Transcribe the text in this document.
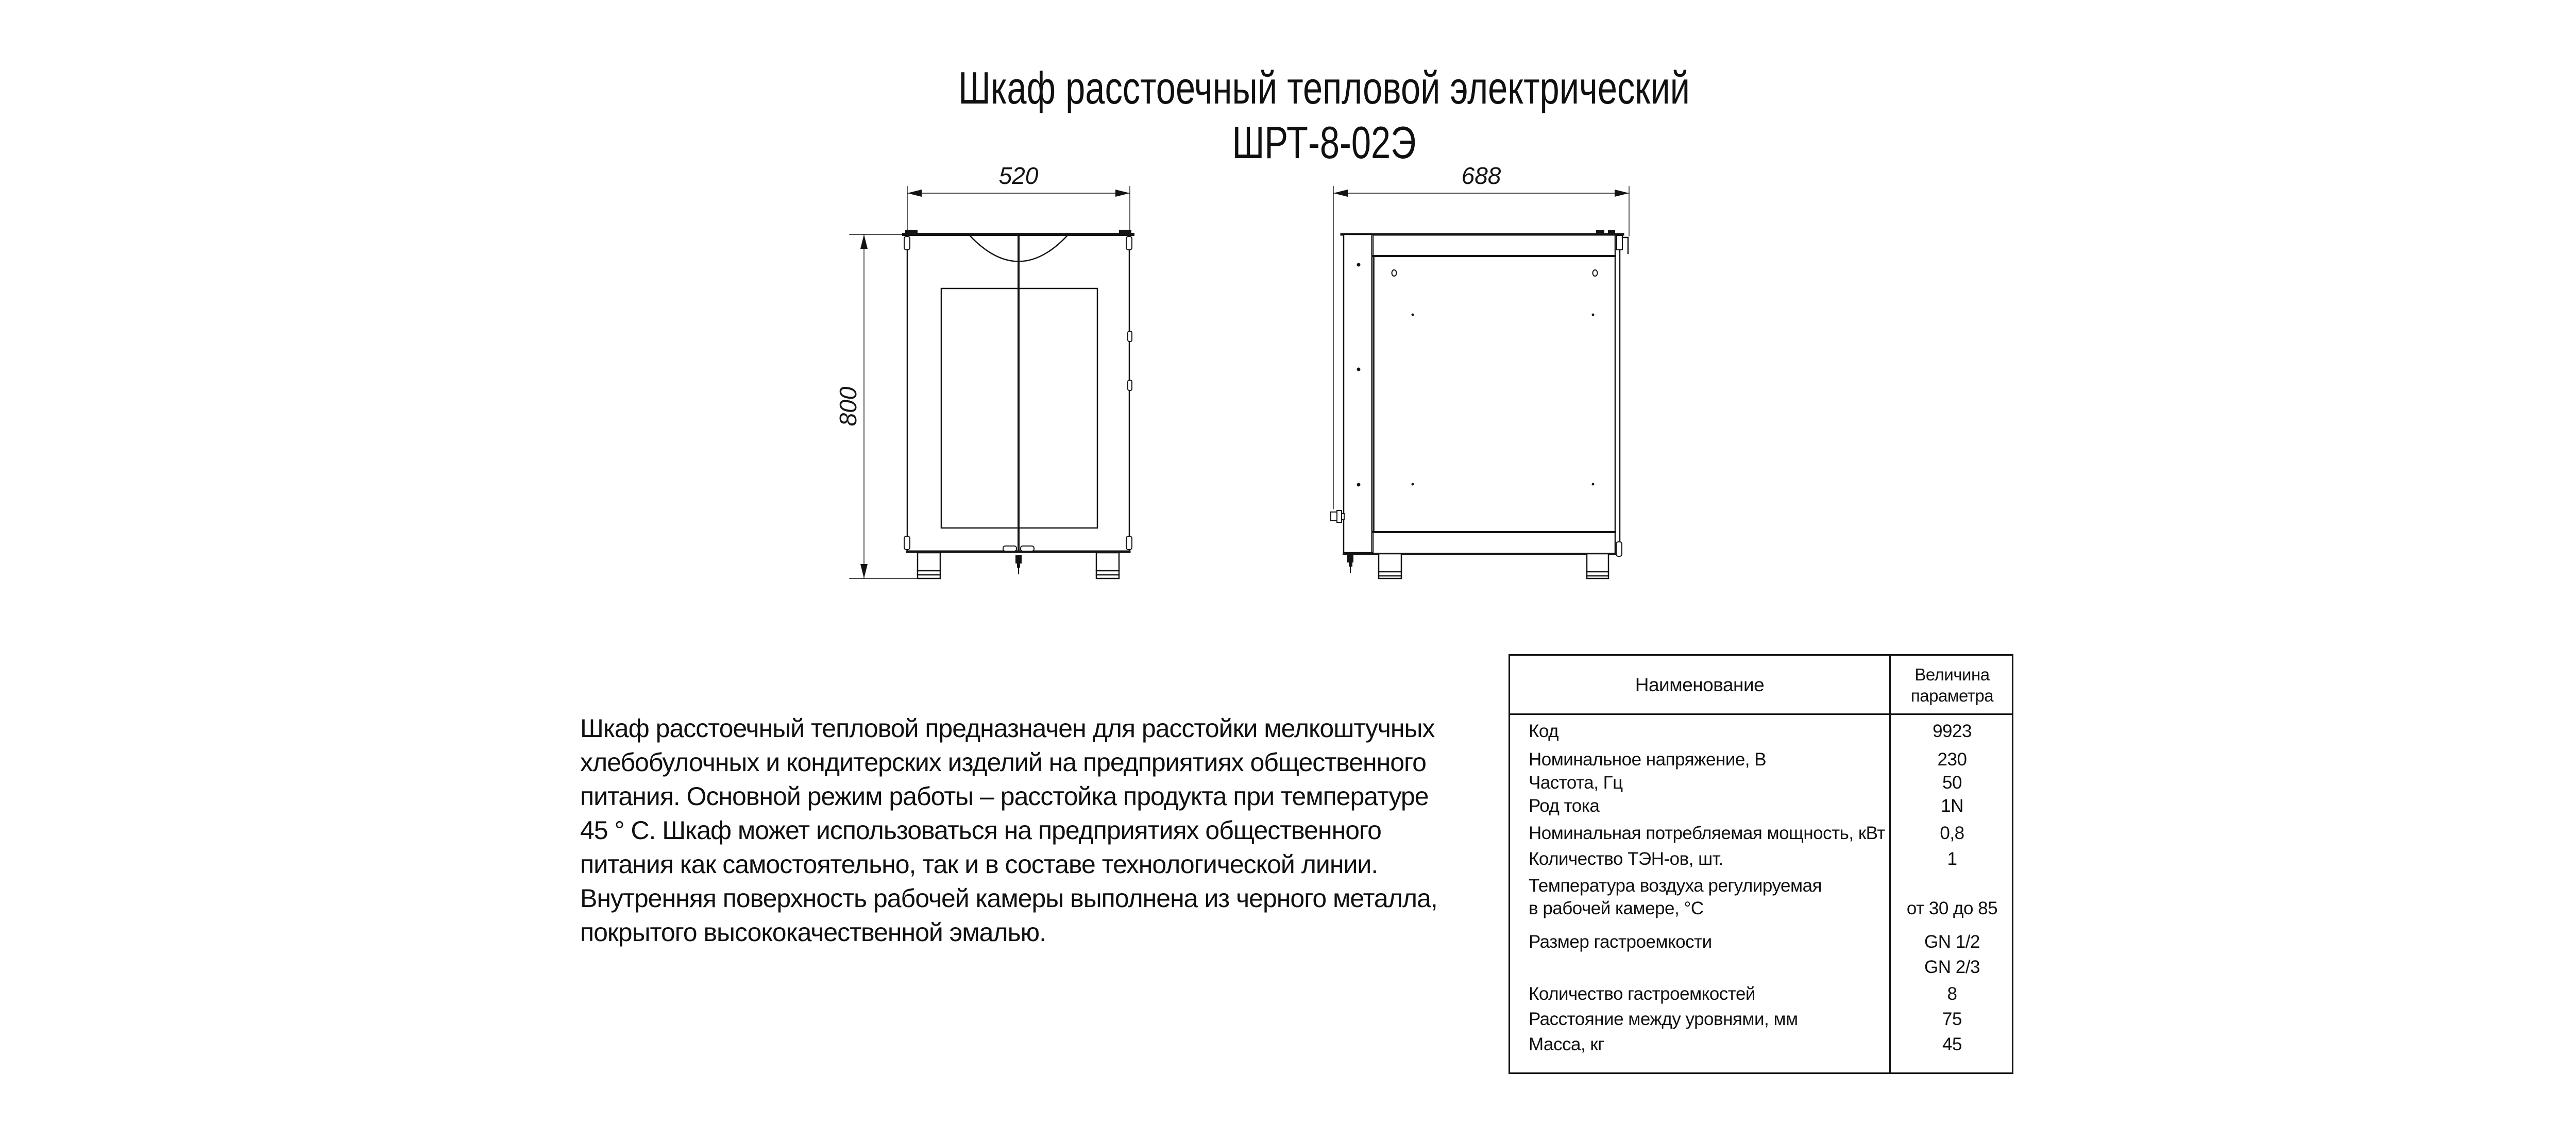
Шкаф расстоечный тепловой электрический
ШРТ-8-02Э
520
800
688
Шкаф расстоечный тепловой предназначен для расстойки мелкоштучных
хлебобулочных и кондитерских изделий на предприятиях общественного
питания. Основной режим работы – расстойка продукта при температуре
45 ° С. Шкаф может использоваться на предприятиях общественного
питания как самостоятельно, так и в составе технологической линии.
Внутренняя поверхность рабочей камеры выполнена из черного металла,
покрытого высококачественной эмалью.
Наименование	Величина
параметра
Код	9923
Номинальное напряжение, В	230
Частота, Гц	50
Род тока	1N
Номинальная потребляемая мощность, кВт	0,8
Количество ТЭН-ов, шт.	1
Температура воздуха регулируемая
в рабочей камере, °С	от 30 до 85
Размер гастроемкости	GN 1/2
GN 2/3
Количество гастроемкостей	8
Расстояние между уровнями, мм	75
Масса, кг	45
